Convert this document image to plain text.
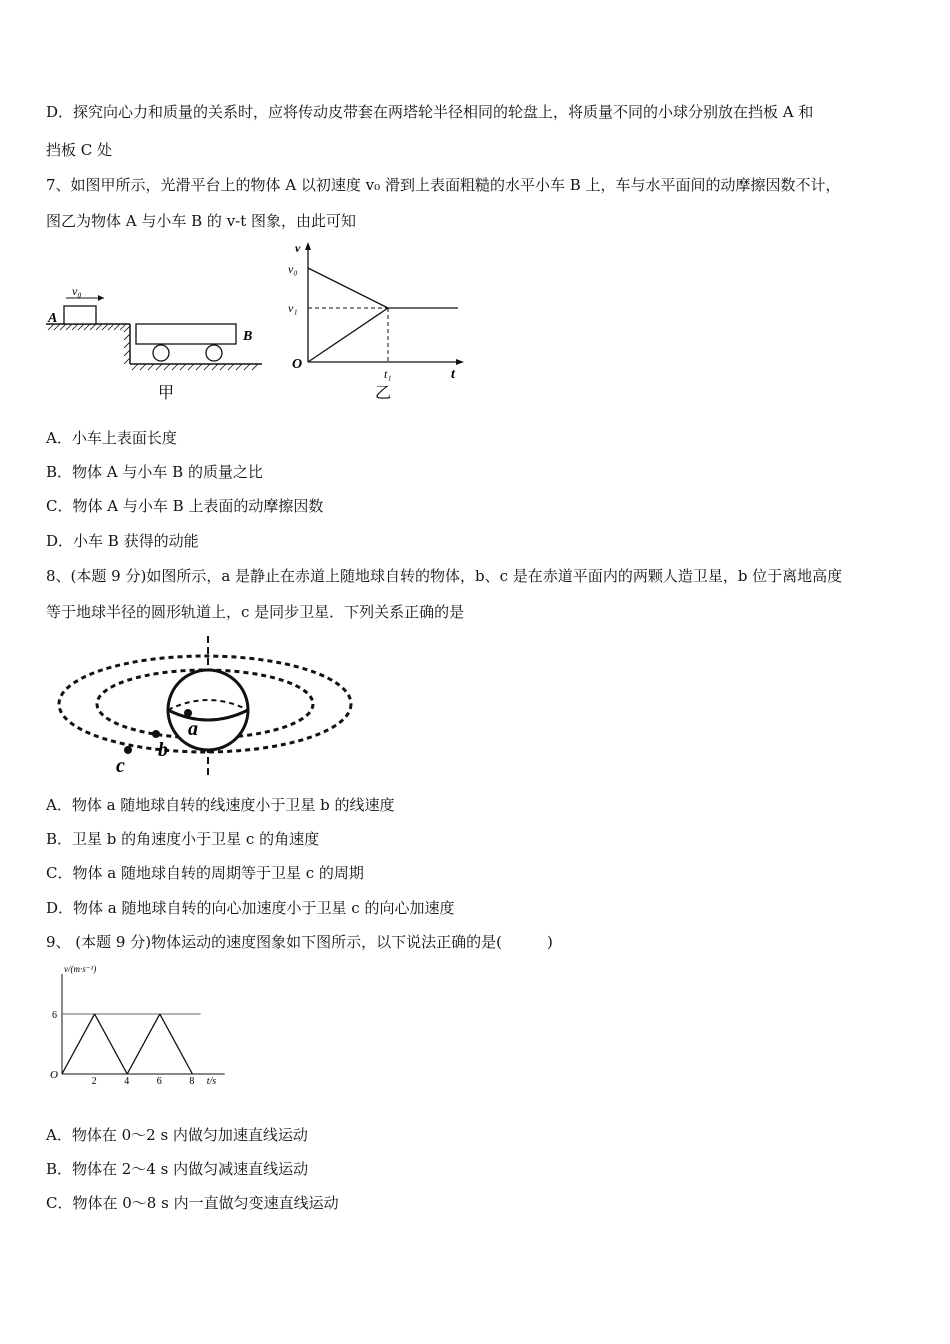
D．探究向心力和质量的关系时，应将传动皮带套在两塔轮半径相同的轮盘上，将质量不同的小球分别放在挡板 A 和
挡板 C 处
7、如图甲所示，光滑平台上的物体 A 以初速度 v₀ 滑到上表面粗糙的水平小车 B 上，车与水平面间的动摩擦因数不计，
图乙为物体 A 与小车 B 的 v-t 图象，由此可知
v₀
A
B
甲
v
v₀
v₁
O
t₁	t
乙
A．小车上表面长度
B．物体 A 与小车 B 的质量之比
C．物体 A 与小车 B 上表面的动摩擦因数
D．小车 B 获得的动能
8、(本题 9 分)如图所示，a 是静止在赤道上随地球自转的物体，b、c 是在赤道平面内的两颗人造卫星，b 位于离地高度
等于地球半径的圆形轨道上，c 是同步卫星．下列关系正确的是
a
b
c
A．物体 a 随地球自转的线速度小于卫星 b 的线速度
B．卫星 b 的角速度小于卫星 c 的角速度
C．物体 a 随地球自转的周期等于卫星 c 的周期
D．物体 a 随地球自转的向心加速度小于卫星 c 的向心加速度
9、 (本题 9 分)物体运动的速度图象如下图所示，以下说法正确的是(　　　)
2	4	6	8
6
O
t/s
v/(m·s⁻¹)
A．物体在 0～2 s 内做匀加速直线运动
B．物体在 2～4 s 内做匀减速直线运动
C．物体在 0～8 s 内一直做匀变速直线运动
